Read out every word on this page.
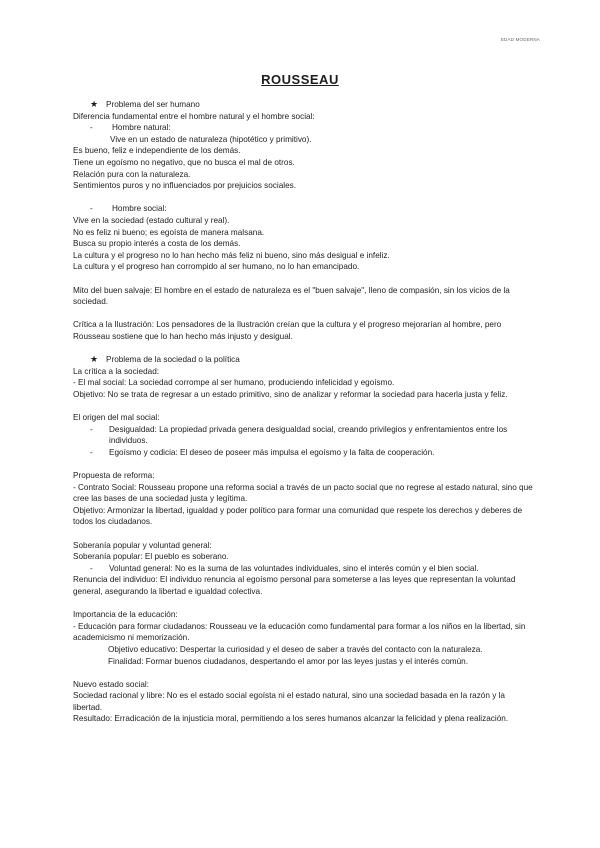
EDAD MODERNA
ROUSSEAU
★ Problema del ser humano
Diferencia fundamental entre el hombre natural y el hombre social:
- Hombre natural:
Vive en un estado de naturaleza (hipotético y primitivo).
Es bueno, feliz e independiente de los demás.
Tiene un egoísmo no negativo, que no busca el mal de otros.
Relación pura con la naturaleza.
Sentimientos puros y no influenciados por prejuicios sociales.
- Hombre social:
Vive en la sociedad (estado cultural y real).
No es feliz ni bueno; es egoísta de manera malsana.
Busca su propio interés a costa de los demás.
La cultura y el progreso no lo han hecho más feliz ni bueno, sino más desigual e infeliz.
La cultura y el progreso han corrompido al ser humano, no lo han emancipado.
Mito del buen salvaje: El hombre en el estado de naturaleza es el "buen salvaje", lleno de compasión, sin los vicios de la sociedad.
Crítica a la Ilustración: Los pensadores de la Ilustración creían que la cultura y el progreso mejorarían al hombre, pero Rousseau sostiene que lo han hecho más injusto y desigual.
★ Problema de la sociedad o la política
La crítica a la sociedad:
- El mal social: La sociedad corrompe al ser humano, produciendo infelicidad y egoísmo.
Objetivo: No se trata de regresar a un estado primitivo, sino de analizar y reformar la sociedad para hacerla justa y feliz.
El origen del mal social:
-	Desigualdad: La propiedad privada genera desigualdad social, creando privilegios y enfrentamientos entre los individuos.
-	Egoísmo y codicia: El deseo de poseer más impulsa el egoísmo y la falta de cooperación.
Propuesta de reforma:
- Contrato Social: Rousseau propone una reforma social a través de un pacto social que no regrese al estado natural, sino que cree las bases de una sociedad justa y legítima.
Objetivo: Armonizar la libertad, igualdad y poder político para formar una comunidad que respete los derechos y deberes de todos los ciudadanos.
Soberanía popular y voluntad general:
Soberanía popular: El pueblo es soberano.
-	Voluntad general: No es la suma de las voluntades individuales, sino el interés común y el bien social.
Renuncia del individuo: El individuo renuncia al egoísmo personal para someterse a las leyes que representan la voluntad general, asegurando la libertad e igualdad colectiva.
Importancia de la educación:
- Educación para formar ciudadanos: Rousseau ve la educación como fundamental para formar a los niños en la libertad, sin academicismo ni memorización.
Objetivo educativo: Despertar la curiosidad y el deseo de saber a través del contacto con la naturaleza.
Finalidad: Formar buenos ciudadanos, despertando el amor por las leyes justas y el interés común.
Nuevo estado social:
Sociedad racional y libre: No es el estado social egoísta ni el estado natural, sino una sociedad basada en la razón y la libertad.
Resultado: Erradicación de la injusticia moral, permitiendo a los seres humanos alcanzar la felicidad y plena realización.
